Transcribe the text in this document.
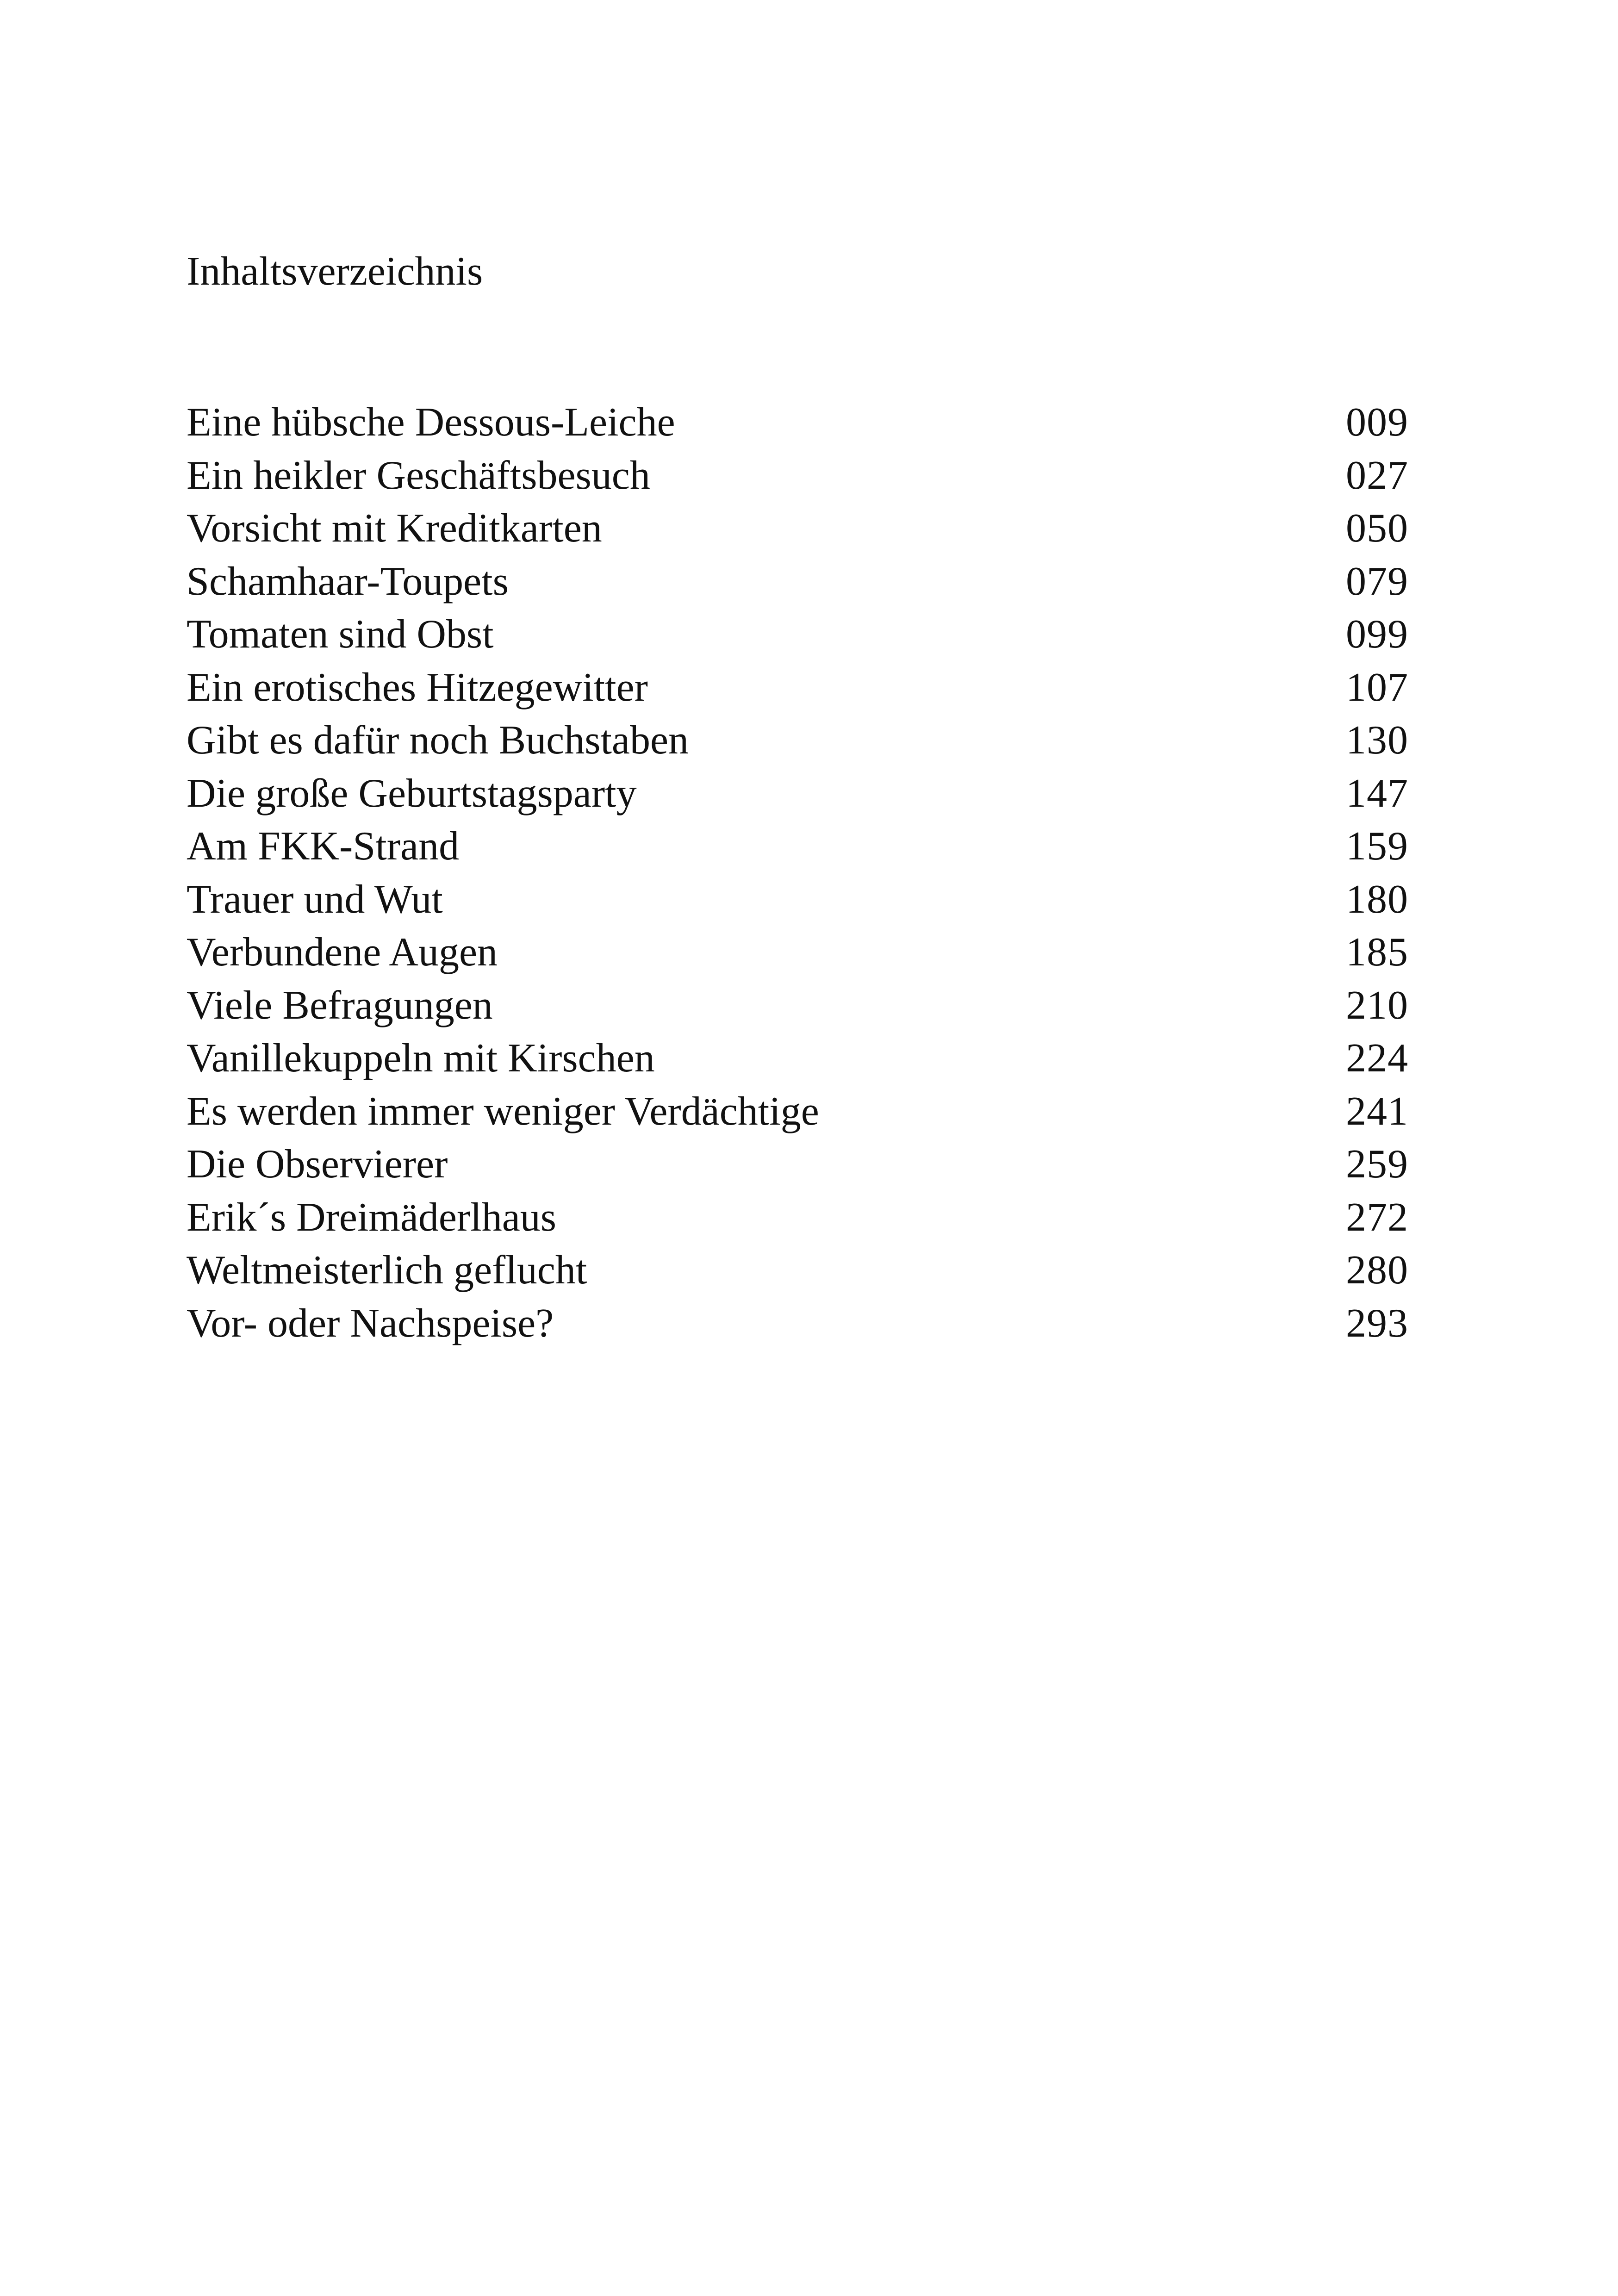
Inhaltsverzeichnis
Eine hübsche Dessous-Leiche	009
Ein heikler Geschäftsbesuch	027
Vorsicht mit Kreditkarten	050
Schamhaar-Toupets	079
Tomaten sind Obst	099
Ein erotisches Hitzegewitter	107
Gibt es dafür noch Buchstaben	130
Die große Geburtstagsparty	147
Am FKK-Strand	159
Trauer und Wut	180
Verbundene Augen	185
Viele Befragungen	210
Vanillekuppeln mit Kirschen	224
Es werden immer weniger Verdächtige	241
Die Observierer	259
Erik´s Dreimäderlhaus	272
Weltmeisterlich geflucht	280
Vor- oder Nachspeise?	293
